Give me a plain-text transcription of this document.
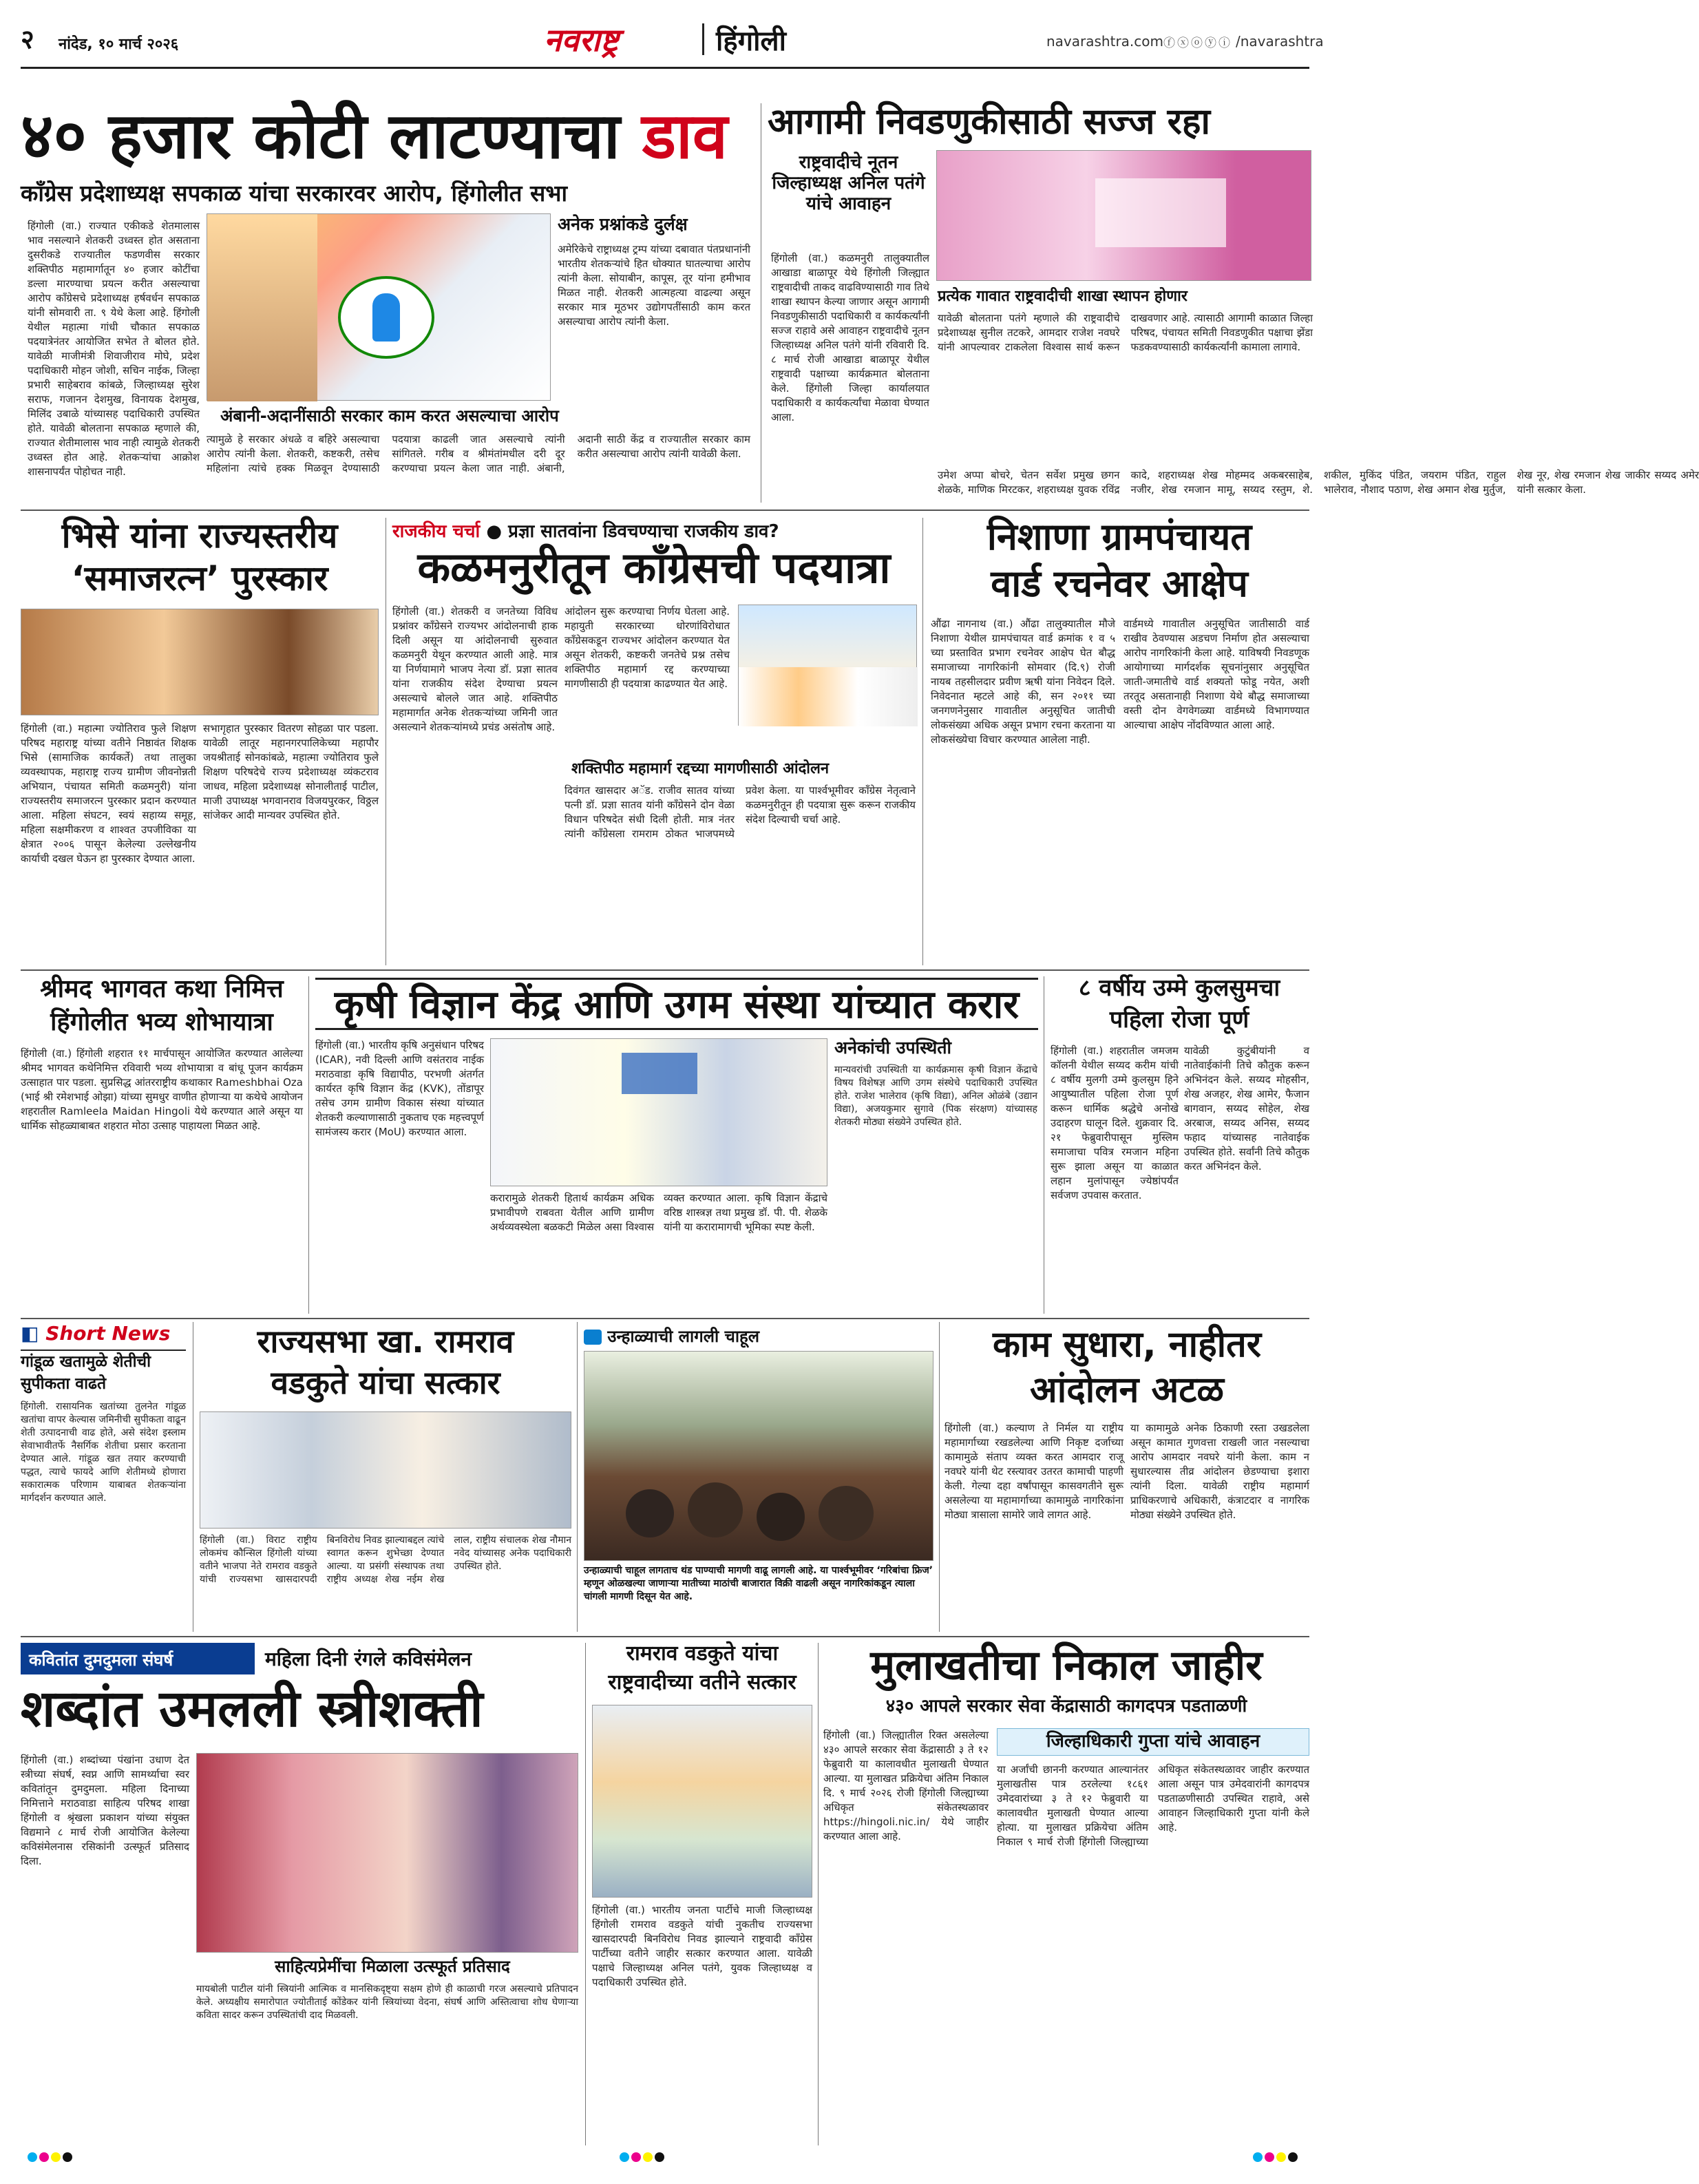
२ नांदेड, १० मार्च २०२६	नवराष्ट्र	हिंगोली	navarashtra.com ⓕⓧⓞⓨⓘ /navarashtra
४० हजार कोटी लाटण्याचा डाव
काँग्रेस प्रदेशाध्यक्ष सपकाळ यांचा सरकारवर आरोप, हिंगोलीत सभा
हिंगोली (वा.) राज्यात एकीकडे शेतमालास भाव नसल्याने शेतकरी उध्वस्त होत असताना दुसरीकडे राज्यातील फडणवीस सरकार शक्तिपीठ महामार्गातून ४० हजार कोटींचा डल्ला मारण्याचा प्रयत्न करीत असल्याचा आरोप काँग्रेसचे प्रदेशाध्यक्ष हर्षवर्धन सपकाळ यांनी सोमवारी ता. ९ येथे केला आहे. हिंगोली येथील महात्मा गांधी चौकात सपकाळ पदयात्रेनंतर आयोजित सभेत ते बोलत होते. यावेळी माजीमंत्री शिवाजीराव मोघे, प्रदेश पदाधिकारी मोहन जोशी, सचिन नाईक, जिल्हा प्रभारी साहेबराव कांबळे, जिल्हाध्यक्ष सुरेश सराफ, गजानन देशमुख, विनायक देशमुख, मिलिंद उबाळे यांच्यासह पदाधिकारी उपस्थित होते. यावेळी बोलताना सपकाळ म्हणाले की, राज्यात शेतीमालास भाव नाही त्यामुळे शेतकरी उध्वस्त होत आहे. शेतकऱ्यांचा आक्रोश शासनापर्यंत पोहोचत नाही.
अनेक प्रश्नांकडे दुर्लक्ष
अमेरिकेचे राष्ट्राध्यक्ष ट्रम्प यांच्या दबावात पंतप्रधानांनी भारतीय शेतकऱ्यांचे हित धोक्यात घातल्याचा आरोप त्यांनी केला. सोयाबीन, कापूस, तूर यांना हमीभाव मिळत नाही. शेतकरी आत्महत्या वाढल्या असून सरकार मात्र मूठभर उद्योगपतींसाठी काम करत असल्याचा आरोप त्यांनी केला.
अंबानी-अदानींसाठी सरकार काम करत असल्याचा आरोप
त्यामुळे हे सरकार अंधळे व बहिरे असल्याचा आरोप त्यांनी केला. शेतकरी, कष्टकरी, तसेच महिलांना त्यांचे हक्क मिळवून देण्यासाठी पदयात्रा काढली जात असल्याचे त्यांनी सांगितले. गरीब व श्रीमंतांमधील दरी दूर करण्याचा प्रयत्न केला जात नाही. अंबानी, अदानी साठी केंद्र व राज्यातील सरकार काम करीत असल्याचा आरोप त्यांनी यावेळी केला.
आगामी निवडणुकीसाठी सज्ज रहा
राष्ट्रवादीचे नूतन जिल्हाध्यक्ष अनिल पतंगे यांचे आवाहन
हिंगोली (वा.) कळमनुरी तालुक्यातील आखाडा बाळापूर येथे हिंगोली जिल्ह्यात राष्ट्रवादीची ताकद वाढविण्यासाठी गाव तिथे शाखा स्थापन केल्या जाणार असून आगामी निवडणुकीसाठी पदाधिकारी व कार्यकर्त्यांनी सज्ज राहावे असे आवाहन राष्ट्रवादीचे नूतन जिल्हाध्यक्ष अनिल पतंगे यांनी रविवारी दि. ८ मार्च रोजी आखाडा बाळापूर येथील राष्ट्रवादी पक्षाच्या कार्यक्रमात बोलताना केले. हिंगोली जिल्हा कार्यालयात पदाधिकारी व कार्यकर्त्यांचा मेळावा घेण्यात आला.
प्रत्येक गावात राष्ट्रवादीची शाखा स्थापन होणार
यावेळी बोलताना पतंगे म्हणाले की राष्ट्रवादीचे प्रदेशाध्यक्ष सुनील तटकरे, आमदार राजेश नवघरे यांनी आपल्यावर टाकलेला विश्वास सार्थ करून दाखवणार आहे. त्यासाठी आगामी काळात जिल्हा परिषद, पंचायत समिती निवडणुकीत पक्षाचा झेंडा फडकवण्यासाठी कार्यकर्त्यांनी कामाला लागावे.
उमेश अप्पा बोचरे, चेतन सर्वेश प्रमुख छगन शेळके, माणिक मिरटकर, शहराध्यक्ष युवक रविंद्र कादे, शहराध्यक्ष शेख मोहम्मद अकबरसाहेब, नजीर, शेख रमजान मामू, सय्यद रस्तुम, शे. शकील, मुकिंद पंडित, जयराम पंडित, राहुल भालेराव, नौशाद पठाण, शेख अमान शेख मुर्तुज, शेख नूर, शेख रमजान शेख जाकीर सय्यद अमेर यांनी सत्कार केला.
भिसे यांना राज्यस्तरीय
‘समाजरत्न’ पुरस्कार
हिंगोली (वा.) महात्मा ज्योतिराव फुले शिक्षण परिषद महाराष्ट्र यांच्या वतीने निष्ठावंत शिक्षक भिसे (सामाजिक कार्यकर्ते) तथा तालुका व्यवस्थापक, महाराष्ट्र राज्य ग्रामीण जीवनोन्नती अभियान, पंचायत समिती कळमनुरी) यांना राज्यस्तरीय समाजरत्न पुरस्कार प्रदान करण्यात आला. महिला संघटन, स्वयं सहाय्य समूह, महिला सक्षमीकरण व शाश्वत उपजीविका या क्षेत्रात २००६ पासून केलेल्या उल्लेखनीय कार्याची दखल घेऊन हा पुरस्कार देण्यात आला.
सभागृहात पुरस्कार वितरण सोहळा पार पडला. यावेळी लातूर महानगरपालिकेच्या महापौर जयश्रीताई सोनकांबळे, महात्मा ज्योतिराव फुले शिक्षण परिषदेचे राज्य प्रदेशाध्यक्ष व्यंकटराव जाधव, महिला प्रदेशाध्यक्ष सोनालीताई पाटील, माजी उपाध्यक्ष भगवानराव विजयपुरकर, विठ्ठल सांजेकर आदी मान्यवर उपस्थित होते.
राजकीय चर्चा ● प्रज्ञा सातवांना डिवचण्याचा राजकीय डाव?
कळमनुरीतून काँग्रेसची पदयात्रा
हिंगोली (वा.) शेतकरी व जनतेच्या विविध प्रश्नांवर काँग्रेसने राज्यभर आंदोलनाची हाक दिली असून या आंदोलनाची सुरुवात कळमनुरी येथून करण्यात आली आहे. मात्र या निर्णयामागे भाजप नेत्या डॉ. प्रज्ञा सातव यांना राजकीय संदेश देण्याचा प्रयत्न असल्याचे बोलले जात आहे. शक्तिपीठ महामार्गात अनेक शेतकऱ्यांच्या जमिनी जात असल्याने शेतकऱ्यांमध्ये प्रचंड असंतोष आहे.
आंदोलन सुरू करण्याचा निर्णय घेतला आहे. महायुती सरकारच्या धोरणांविरोधात काँग्रेसकडून राज्यभर आंदोलन करण्यात येत असून शेतकरी, कष्टकरी जनतेचे प्रश्न तसेच शक्तिपीठ महामार्ग रद्द करण्याच्या मागणीसाठी ही पदयात्रा काढण्यात येत आहे.
शक्तिपीठ महामार्ग रद्दच्या मागणीसाठी आंदोलन
दिवंगत खासदार अॅड. राजीव सातव यांच्या पत्नी डॉ. प्रज्ञा सातव यांनी काँग्रेसने दोन वेळा विधान परिषदेत संधी दिली होती. मात्र नंतर त्यांनी काँग्रेसला रामराम ठोकत भाजपमध्ये प्रवेश केला. या पार्श्वभूमीवर काँग्रेस नेतृत्वाने कळमनुरीतून ही पदयात्रा सुरू करून राजकीय संदेश दिल्याची चर्चा आहे.
निशाणा ग्रामपंचायत
वार्ड रचनेवर आक्षेप
औंढा नागनाथ (वा.) औंढा तालुक्यातील मौजे निशाणा येथील ग्रामपंचायत वार्ड क्रमांक १ व ५ च्या प्रस्तावित प्रभाग रचनेवर आक्षेप घेत बौद्ध समाजाच्या नागरिकांनी सोमवार (दि.९) रोजी नायब तहसीलदार प्रवीण ऋषी यांना निवेदन दिले. निवेदनात म्हटले आहे की, सन २०११ च्या जनगणनेनुसार गावातील अनुसूचित जातीची लोकसंख्या अधिक असून प्रभाग रचना करताना या लोकसंख्येचा विचार करण्यात आलेला नाही.
वार्डमध्ये गावातील अनुसूचित जातीसाठी वार्ड राखीव ठेवण्यास अडचण निर्माण होत असल्याचा आरोप नागरिकांनी केला आहे. याविषयी निवडणूक आयोगाच्या मार्गदर्शक सूचनांनुसार अनुसूचित जाती-जमातीचे वार्ड शक्यतो फोडू नयेत, अशी तरतूद असतानाही निशाणा येथे बौद्ध समाजाच्या वस्ती दोन वेगवेगळ्या वार्डमध्ये विभागण्यात आल्याचा आक्षेप नोंदविण्यात आला आहे.
श्रीमद भागवत कथा निमित्त
हिंगोलीत भव्य शोभायात्रा
हिंगोली (वा.) हिंगोली शहरात ११ मार्चपासून आयोजित करण्यात आलेल्या श्रीमद भागवत कथेनिमित्त रविवारी भव्य शोभायात्रा व बांधू पूजन कार्यक्रम उत्साहात पार पडला. सुप्रसिद्ध आंतरराष्ट्रीय कथाकार Rameshbhai Oza (भाई श्री रमेशभाई ओझा) यांच्या सुमधुर वाणीत होणाऱ्या या कथेचे आयोजन शहरातील Ramleela Maidan Hingoli येथे करण्यात आले असून या धार्मिक सोहळ्याबाबत शहरात मोठा उत्साह पाहायला मिळत आहे.
कृषी विज्ञान केंद्र आणि उगम संस्था यांच्यात करार
हिंगोली (वा.) भारतीय कृषि अनुसंधान परिषद (ICAR), नवी दिल्ली आणि वसंतराव नाईक मराठवाडा कृषि विद्यापीठ, परभणी अंतर्गत कार्यरत कृषि विज्ञान केंद्र (KVK), तोंडापूर तसेच उगम ग्रामीण विकास संस्था यांच्यात शेतकरी कल्याणासाठी नुकताच एक महत्त्वपूर्ण सामंजस्य करार (MoU) करण्यात आला.
करारामुळे शेतकरी हितार्थ कार्यक्रम अधिक प्रभावीपणे राबवता येतील आणि ग्रामीण अर्थव्यवस्थेला बळकटी मिळेल असा विश्वास व्यक्त करण्यात आला. कृषि विज्ञान केंद्राचे वरिष्ठ शास्त्रज्ञ तथा प्रमुख डॉ. पी. पी. शेळके यांनी या करारामागची भूमिका स्पष्ट केली.
अनेकांची उपस्थिती
मान्यवरांची उपस्थिती या कार्यक्रमास कृषी विज्ञान केंद्राचे विषय विशेषज्ञ आणि उगम संस्थेचे पदाधिकारी उपस्थित होते. राजेश भालेराव (कृषि विद्या), अनिल ओळंबे (उद्यान विद्या), अजयकुमार सुगावे (पिक संरक्षण) यांच्यासह शेतकरी मोठ्या संख्येने उपस्थित होते.
८ वर्षीय उम्मे कुलसुमचा
पहिला रोजा पूर्ण
हिंगोली (वा.) शहरातील जमजम कॉलनी येथील सय्यद करीम यांची ८ वर्षीय मुलगी उम्मे कुलसुम हिने आयुष्यातील पहिला रोजा पूर्ण करून धार्मिक श्रद्धेचे अनोखे उदाहरण घालून दिले. शुक्रवार दि. २१ फेब्रुवारीपासून मुस्लिम समाजाचा पवित्र रमजान महिना सुरू झाला असून या काळात लहान मुलांपासून ज्येष्ठांपर्यंत सर्वजण उपवास करतात.
यावेळी कुटुंबीयांनी व नातेवाईकांनी तिचे कौतुक करून अभिनंदन केले. सय्यद मोहसीन, शेख अजहर, शेख आमेर, फैजान बागवान, सय्यद सोहेल, शेख अरबाज, सय्यद अनिस, सय्यद फहाद यांच्यासह नातेवाईक उपस्थित होते. सर्वांनी तिचे कौतुक करत अभिनंदन केले.
◧ Short News
गांडूळ खतामुळे शेतीची
सुपीकता वाढते
हिंगोली. रासायनिक खतांच्या तुलनेत गांडूळ खतांचा वापर केल्यास जमिनीची सुपीकता वाढून शेती उत्पादनाची वाढ होते, असे संदेश इस्लाम सेवाभावीतर्फे नैसर्गिक शेतीचा प्रसार करताना देण्यात आले. गांडूळ खत तयार करण्याची पद्धत, त्याचे फायदे आणि शेतीमध्ये होणारा सकारात्मक परिणाम याबाबत शेतकऱ्यांना मार्गदर्शन करण्यात आले.
राज्यसभा खा. रामराव
वडकुते यांचा सत्कार
हिंगोली (वा.) विराट राष्ट्रीय लोकमंच कौन्सिल हिंगोली यांच्या वतीने भाजपा नेते रामराव वडकुते यांची राज्यसभा खासदारपदी बिनविरोध निवड झाल्याबद्दल त्यांचे स्वागत करून शुभेच्छा देण्यात आल्या. या प्रसंगी संस्थापक तथा राष्ट्रीय अध्यक्ष शेख नईम शेख लाल, राष्ट्रीय संचालक शेख नौमान नवेद यांच्यासह अनेक पदाधिकारी उपस्थित होते.
उन्हाळ्याची लागली चाहूल
उन्हाळ्याची चाहूल लागताच थंड पाण्याची मागणी वाढू लागली आहे. या पार्श्वभूमीवर ‘गरिबांचा फ्रिज’ म्हणून ओळखल्या जाणाऱ्या मातीच्या माठांची बाजारात विक्री वाढली असून नागरिकांकडून त्याला चांगली मागणी दिसून येत आहे.
काम सुधारा, नाहीतर
आंदोलन अटळ
हिंगोली (वा.) कल्याण ते निर्मल या राष्ट्रीय महामार्गाच्या रखडलेल्या आणि निकृष्ट दर्जाच्या कामामुळे संताप व्यक्त करत आमदार राजू नवघरे यांनी थेट रस्त्यावर उतरत कामाची पाहणी केली. गेल्या दहा वर्षांपासून कासवगतीने सुरू असलेल्या या महामार्गाच्या कामामुळे नागरिकांना मोठ्या त्रासाला सामोरे जावे लागत आहे.
या कामामुळे अनेक ठिकाणी रस्ता उखडलेला असून कामात गुणवत्ता राखली जात नसल्याचा आरोप आमदार नवघरे यांनी केला. काम न सुधारल्यास तीव्र आंदोलन छेडण्याचा इशारा त्यांनी दिला. यावेळी राष्ट्रीय महामार्ग प्राधिकरणाचे अधिकारी, कंत्राटदार व नागरिक मोठ्या संख्येने उपस्थित होते.
कवितांत दुमदुमला संघर्ष	महिला दिनी रंगले कविसंमेलन
शब्दांत उमलली स्त्रीशक्ती
हिंगोली (वा.) शब्दांच्या पंखांना उधाण देत स्त्रीच्या संघर्ष, स्वप्न आणि सामर्थ्याचा स्वर कवितांतून दुमदुमला. महिला दिनाच्या निमित्ताने मराठवाडा साहित्य परिषद शाखा हिंगोली व श्रृंखला प्रकाशन यांच्या संयुक्त विद्यमाने ८ मार्च रोजी आयोजित केलेल्या कविसंमेलनास रसिकांनी उत्स्फूर्त प्रतिसाद दिला.
साहित्यप्रेमींचा मिळाला उत्स्फूर्त प्रतिसाद
मायबोली पाटील यांनी स्त्रियांनी आत्मिक व मानसिकदृष्ट्या सक्षम होणे ही काळाची गरज असल्याचे प्रतिपादन केले. अध्यक्षीय समारोपात ज्योतीताई कोंडेकर यांनी स्त्रियांच्या वेदना, संघर्ष आणि अस्तित्वाचा शोध घेणाऱ्या कविता सादर करून उपस्थितांची दाद मिळवली.
रामराव वडकुते यांचा
राष्ट्रवादीच्या वतीने सत्कार
हिंगोली (वा.) भारतीय जनता पार्टीचे माजी जिल्हाध्यक्ष हिंगोली रामराव वडकुते यांची नुकतीच राज्यसभा खासदारपदी बिनविरोध निवड झाल्याने राष्ट्रवादी काँग्रेस पार्टीच्या वतीने जाहीर सत्कार करण्यात आला. यावेळी पक्षाचे जिल्हाध्यक्ष अनिल पतंगे, युवक जिल्हाध्यक्ष व पदाधिकारी उपस्थित होते.
मुलाखतीचा निकाल जाहीर
४३० आपले सरकार सेवा केंद्रासाठी कागदपत्र पडताळणी
हिंगोली (वा.) जिल्ह्यातील रिक्त असलेल्या ४३० आपले सरकार सेवा केंद्रासाठी ३ ते १२ फेब्रुवारी या कालावधीत मुलाखती घेण्यात आल्या. या मुलाखत प्रक्रियेचा अंतिम निकाल दि. ९ मार्च २०२६ रोजी हिंगोली जिल्ह्याच्या अधिकृत संकेतस्थळावर https://hingoli.nic.in/ येथे जाहीर करण्यात आला आहे.
जिल्हाधिकारी गुप्ता यांचे आवाहन
या अर्जांची छाननी करण्यात आल्यानंतर मुलाखतीस पात्र ठरलेल्या १८६१ उमेदवारांच्या ३ ते १२ फेब्रुवारी या कालावधीत मुलाखती घेण्यात आल्या होत्या. या मुलाखत प्रक्रियेचा अंतिम निकाल ९ मार्च रोजी हिंगोली जिल्ह्याच्या अधिकृत संकेतस्थळावर जाहीर करण्यात आला असून पात्र उमेदवारांनी कागदपत्र पडताळणीसाठी उपस्थित राहावे, असे आवाहन जिल्हाधिकारी गुप्ता यांनी केले आहे.
